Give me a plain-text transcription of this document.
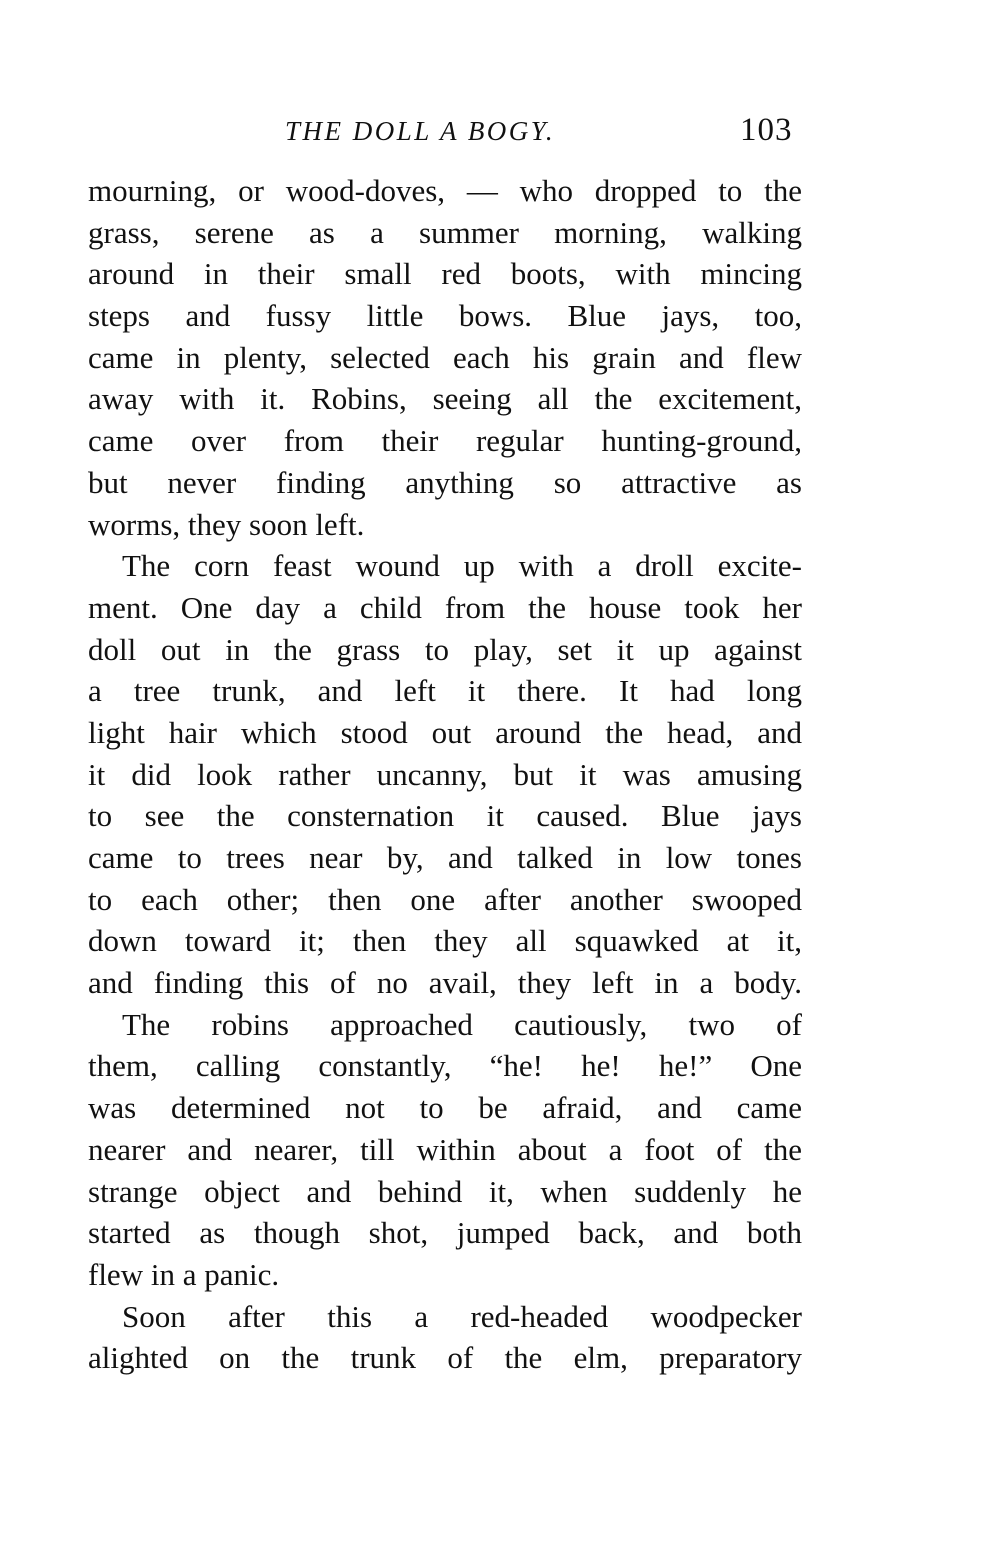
THE DOLL A BOGY.	103
mourning, or wood-doves, — who dropped to the
grass, serene as a summer morning, walking
around in their small red boots, with mincing
steps and fussy little bows. Blue jays, too,
came in plenty, selected each his grain and flew
away with it. Robins, seeing all the excitement,
came over from their regular hunting-ground,
but never finding anything so attractive as
worms, they soon left.
The corn feast wound up with a droll excite-
ment. One day a child from the house took her
doll out in the grass to play, set it up against
a tree trunk, and left it there. It had long
light hair which stood out around the head, and
it did look rather uncanny, but it was amusing
to see the consternation it caused. Blue jays
came to trees near by, and talked in low tones
to each other; then one after another swooped
down toward it; then they all squawked at it,
and finding this of no avail, they left in a body.
The robins approached cautiously, two of
them, calling constantly, “he! he! he!” One
was determined not to be afraid, and came
nearer and nearer, till within about a foot of the
strange object and behind it, when suddenly he
started as though shot, jumped back, and both
flew in a panic.
Soon after this a red-headed woodpecker
alighted on the trunk of the elm, preparatory
